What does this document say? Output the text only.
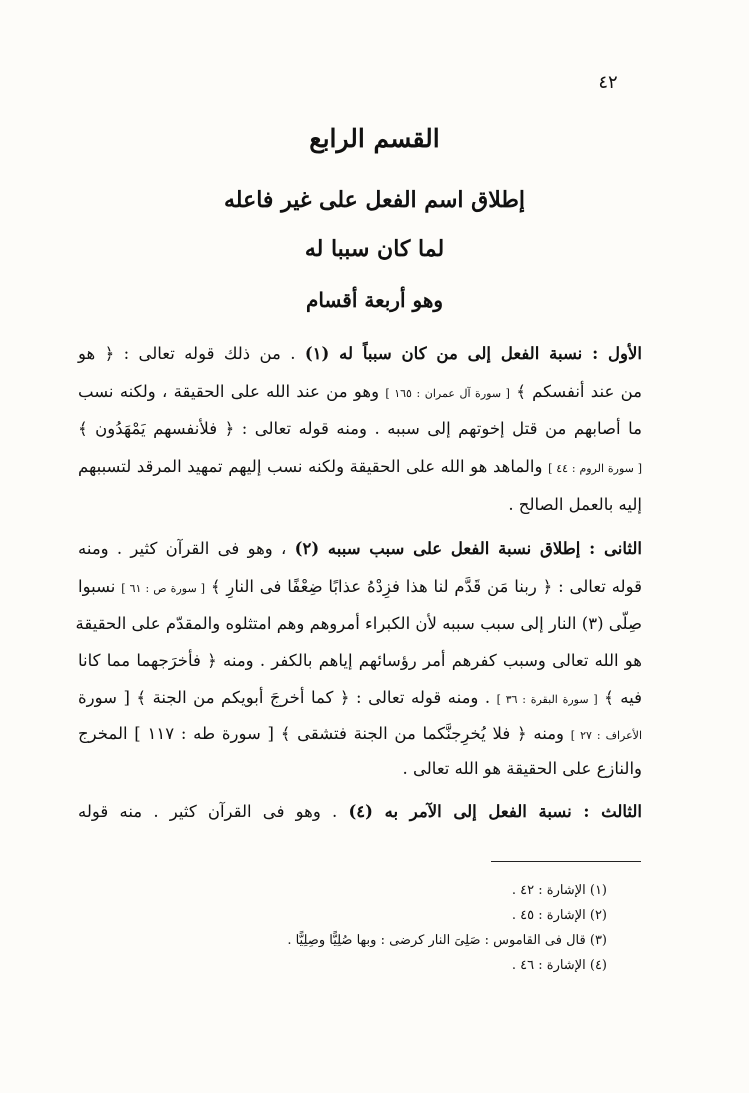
٤٢
القسم الرابع
إطلاق اسم الفعل على غير فاعله
لما كان سببا له
وهو أربعة أقسام
الأول : نسبة الفعل إلى من كان سبباً له (١) . من ذلك قوله تعالى : ﴿ هو
من عند أنفسكم ﴾ [ سورة آل عمران : ١٦٥ ] وهو من عند الله على الحقيقة ، ولكنه نسب
ما أصابهم من قتل إخوتهم إلى سببه . ومنه قوله تعالى : ﴿ فلأنفسهم يَمْهَدُون ﴾
[ سورة الروم : ٤٤ ] والماهد هو الله على الحقيقة ولكنه نسب إليهم تمهيد المرقد لتسببهم
إليه بالعمل الصالح .
الثانى : إطلاق نسبة الفعل على سبب سببه (٢) ، وهو فى القرآن كثير . ومنه
قوله تعالى : ﴿ ربنا مَن قَدَّم لنا هذا فزِدْهُ عذابًا ضِعْفًا فى النارِ ﴾ [ سورة ص : ٦١ ] نسبوا
صِلّى (٣) النار إلى سبب سببه لأن الكبراء أمروهم وهم امتثلوه والمقدّم على الحقيقة
هو الله تعالى وسبب كفرهم أمر رؤسائهم إياهم بالكفر . ومنه ﴿ فأخرَجهما مما كانا
فيه ﴾ [ سورة البقرة : ٣٦ ] . ومنه قوله تعالى : ﴿ كما أخرجَ أبويكم من الجنة ﴾ [ سورة
الأعراف : ٢٧ ] ومنه ﴿ فلا يُخرِجنَّكما من الجنة فتشقى ﴾ [ سورة طه : ١١٧ ] المخرج
والنازع على الحقيقة هو الله تعالى .
الثالث : نسبة الفعل إلى الآمر به (٤) . وهو فى القرآن كثير . منه قوله
(١) الإشارة : ٤٢ .
(٢) الإشارة : ٤٥ .
(٣) قال فى القاموس : صَلِىَ النار كرضى : وبها صُلِيًّا وصِلِيًّا .
(٤) الإشارة : ٤٦ .
